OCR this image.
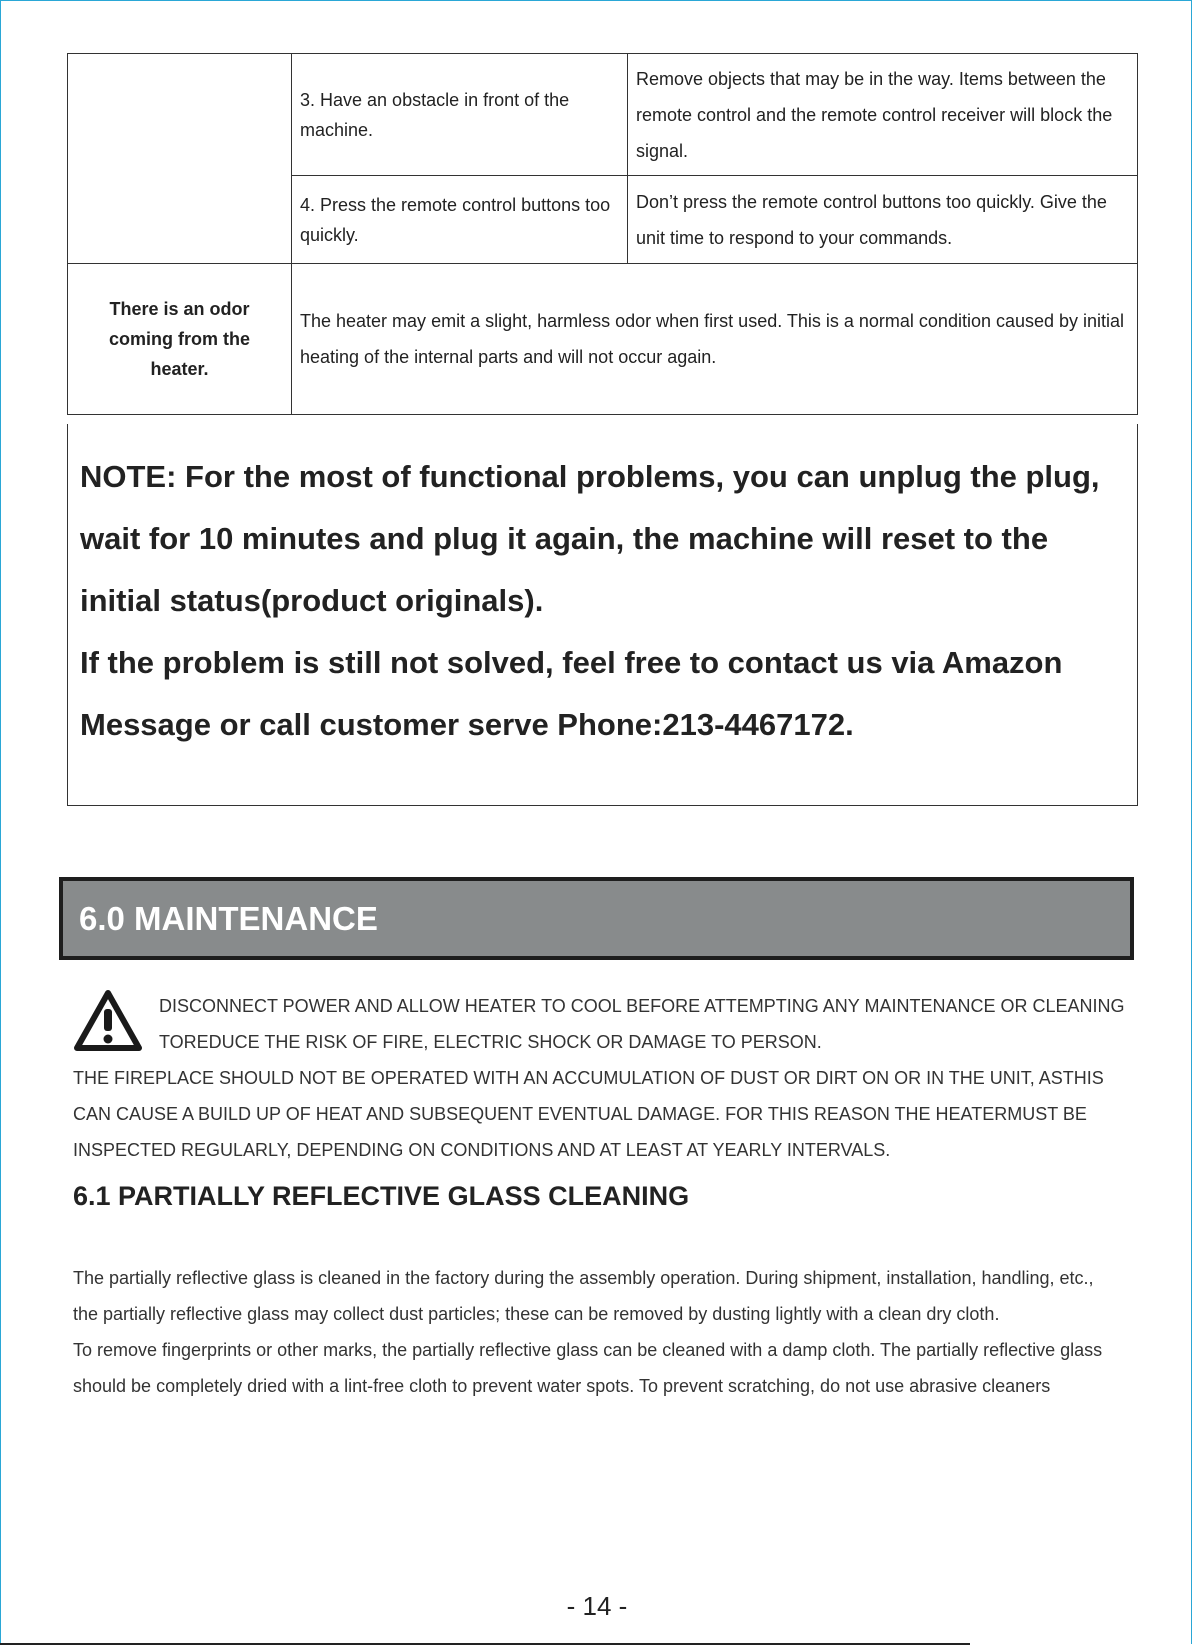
3. Have an obstacle in front of the machine.
Remove objects that may be in the way. Items between the remote control and the remote control receiver will block the signal.
4. Press the remote control buttons too quickly.
Don’t press the remote control buttons too quickly. Give the unit time to respond to your commands.
There is an odor coming from the heater.
The heater may emit a slight, harmless odor when first used. This is a normal condition caused by initial heating of the internal parts and will not occur again.

NOTE: For the most of functional problems, you can unplug the plug, wait for 10 minutes and plug it again, the machine will reset to the initial status(product originals).

If the problem is still not solved, feel free to contact us via Amazon Message or call customer serve Phone:213-4467172.

6.0 MAINTENANCE
DISCONNECT POWER AND ALLOW HEATER TO COOL BEFORE ATTEMPTING ANY MAINTENANCE OR CLEANING TOREDUCE THE RISK OF FIRE, ELECTRIC SHOCK OR DAMAGE TO PERSON.
THE FIREPLACE SHOULD NOT BE OPERATED WITH AN ACCUMULATION OF DUST OR DIRT ON OR IN THE UNIT, ASTHIS CAN CAUSE A BUILD UP OF HEAT AND SUBSEQUENT EVENTUAL DAMAGE. FOR THIS REASON THE HEATERMUST BE INSPECTED REGULARLY, DEPENDING ON CONDITIONS AND AT LEAST AT YEARLY INTERVALS.
6.1 PARTIALLY REFLECTIVE GLASS CLEANING

The partially reflective glass is cleaned in the factory during the assembly operation. During shipment, installation, handling, etc., the partially reflective glass may collect dust particles; these can be removed by dusting lightly with a clean dry cloth.

To remove fingerprints or other marks, the partially reflective glass can be cleaned with a damp cloth. The partially reflective glass should be completely dried with a lint-free cloth to prevent water spots. To prevent scratching, do not use abrasive cleaners

- 14 -
